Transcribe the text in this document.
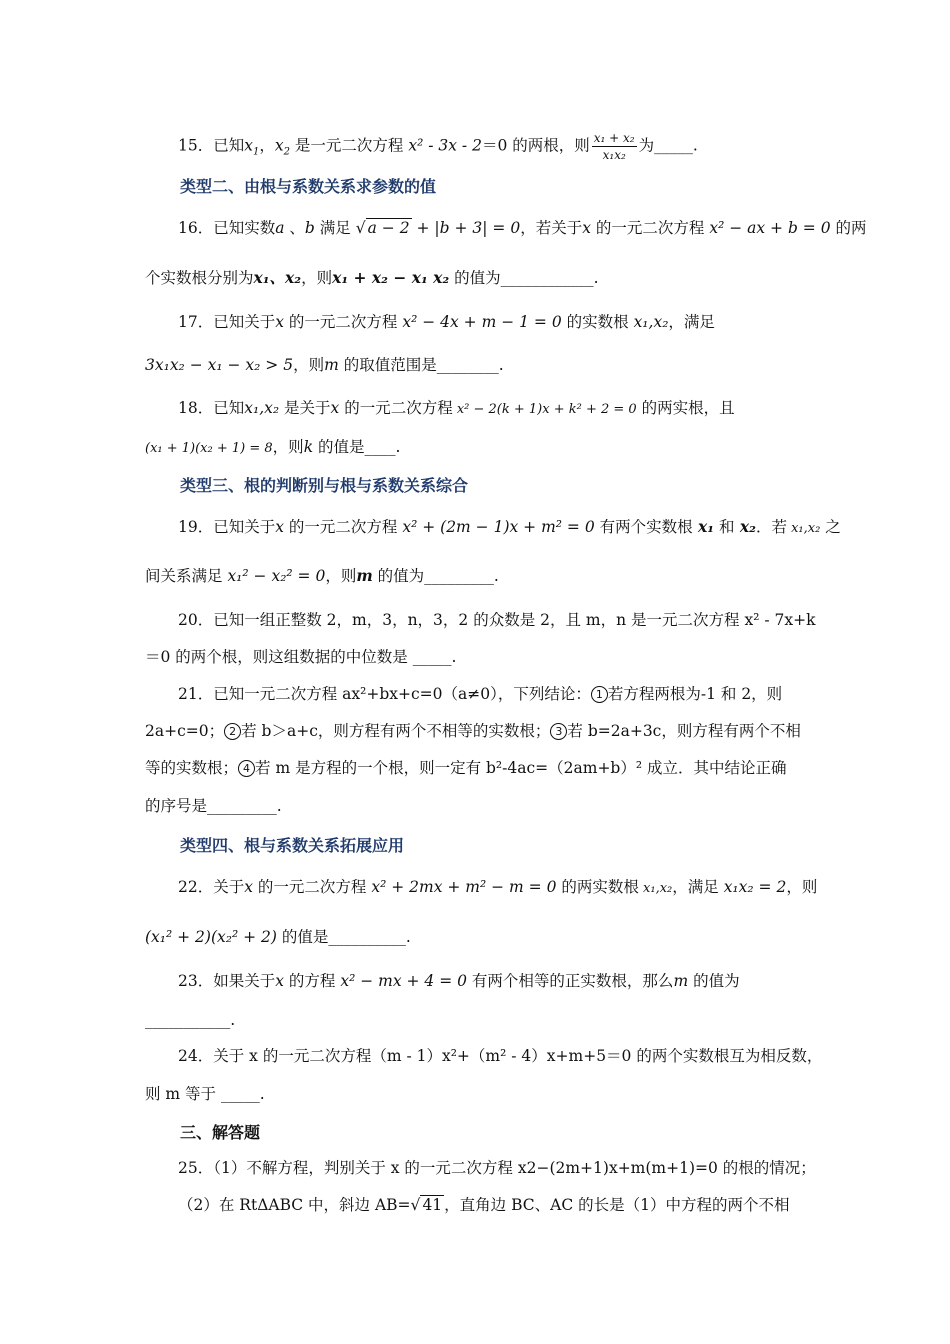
15．已知$x_1$，$x_2$ 是一元二次方程 x² - 3x - 2＝0 的两根，则 $\frac{\text{x₁ + x₂}}{\text{x₁x₂}}$ 为_____.
类型二、由根与系数关系求参数的值
16．已知实数a 、b 满足 √ a − 2 + |b + 3| = 0，若关于x 的一元二次方程 x² − ax + b = 0 的两
个实数根分别为x₁、x₂，则x₁ + x₂ − x₁ x₂ 的值为____________.
17．已知关于x 的一元二次方程 x² − 4x + m − 1 = 0 的实数根 x₁,x₂，满足
3x₁x₂ − x₁ − x₂ > 5，则m 的取值范围是________.
18．已知x₁,x₂ 是关于x 的一元二次方程 x² − 2(k + 1)x + k² + 2 = 0 的两实根，且
(x₁ + 1)(x₂ + 1) = 8，则k 的值是____.
类型三、根的判断别与根与系数关系综合
19．已知关于x 的一元二次方程 x² + (2m − 1)x + m² = 0 有两个实数根 x₁ 和 x₂．若 x₁,x₂ 之
间关系满足 x₁² − x₂² = 0，则m 的值为_________.
20．已知一组正整数 2，m，3，n，3，2 的众数是 2，且 m，n 是一元二次方程 x² - 7x+k
＝0 的两个根，则这组数据的中位数是 _____.
21．已知一元二次方程 ax²+bx+c=0（a≠0），下列结论： 1 若方程两根为-1 和 2，则
2a+c=0； 2 若 b＞a+c，则方程有两个不相等的实数根； 3 若 b=2a+3c，则方程有两个不相
等的实数根； 4 若 m 是方程的一个根，则一定有 b²-4ac=（2am+b）² 成立．其中结论正确
的序号是_________.
类型四、根与系数关系拓展应用
22．关于x 的一元二次方程 x² + 2mx + m² − m = 0 的两实数根 x₁,x₂，满足 x₁x₂ = 2，则
(x₁² + 2)(x₂² + 2) 的值是__________.
23．如果关于x 的方程 x² − mx + 4 = 0 有两个相等的正实数根，那么m 的值为
___________.
24．关于 x 的一元二次方程（m - 1）x²+（m² - 4）x+m+5＝0 的两个实数根互为相反数，
则 m 等于 _____.
三、解答题
25．（1）不解方程，判别关于 x 的一元二次方程 x2−(2m+1)x+m(m+1)=0 的根的情况；
（2）在 RtΔABC 中，斜边 AB=√ 41 ，直角边 BC、AC 的长是（1）中方程的两个不相
